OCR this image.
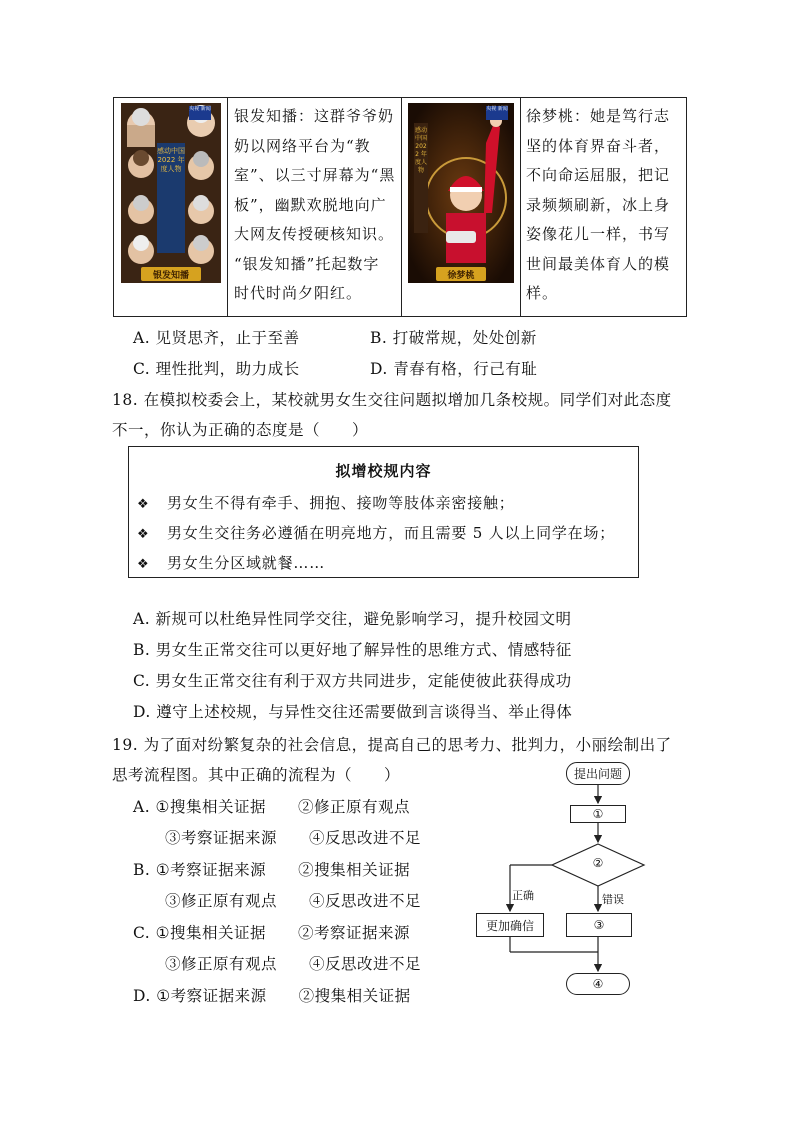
央视 新闻
感动中国 2022 年度人物
银发知播
银发知播：这群爷爷奶
奶以网络平台为“教
室”、以三寸屏幕为“黑
板”，幽默欢脱地向广
大网友传授硬核知识。
“银发知播”托起数字
时代时尚夕阳红。
央视 新闻
感动中国 2022 年度人物
徐梦桃
徐梦桃：她是笃行志
坚的体育界奋斗者，
不向命运屈服，把记
录频频刷新，冰上身
姿像花儿一样，书写
世间最美体育人的模
样。
A. 见贤思齐，止于至善	B. 打破常规，处处创新
C. 理性批判，助力成长	D. 青春有格，行己有耻
18. 在模拟校委会上，某校就男女生交往问题拟增加几条校规。同学们对此态度
不一，你认为正确的态度是（　　）
拟增校规内容
❖ 男女生不得有牵手、拥抱、接吻等肢体亲密接触；
❖ 男女生交往务必遵循在明亮地方，而且需要 5 人以上同学在场；
❖ 男女生分区域就餐……
A. 新规可以杜绝异性同学交往，避免影响学习，提升校园文明
B. 男女生正常交往可以更好地了解异性的思维方式、情感特征
C. 男女生正常交往有利于双方共同进步，定能使彼此获得成功
D. 遵守上述校规，与异性交往还需要做到言谈得当、举止得体
19. 为了面对纷繁复杂的社会信息，提高自己的思考力、批判力，小丽绘制出了
思考流程图。其中正确的流程为（　　）
A. ①搜集相关证据　　②修正原有观点
　　③考察证据来源　　④反思改进不足
B. ①考察证据来源　　②搜集相关证据
　　③修正原有观点　　④反思改进不足
C. ①搜集相关证据　　②考察证据来源
　　③修正原有观点　　④反思改进不足
D. ①考察证据来源　　②搜集相关证据
提出问题
①
②
正确	错误
更加确信	③
④
